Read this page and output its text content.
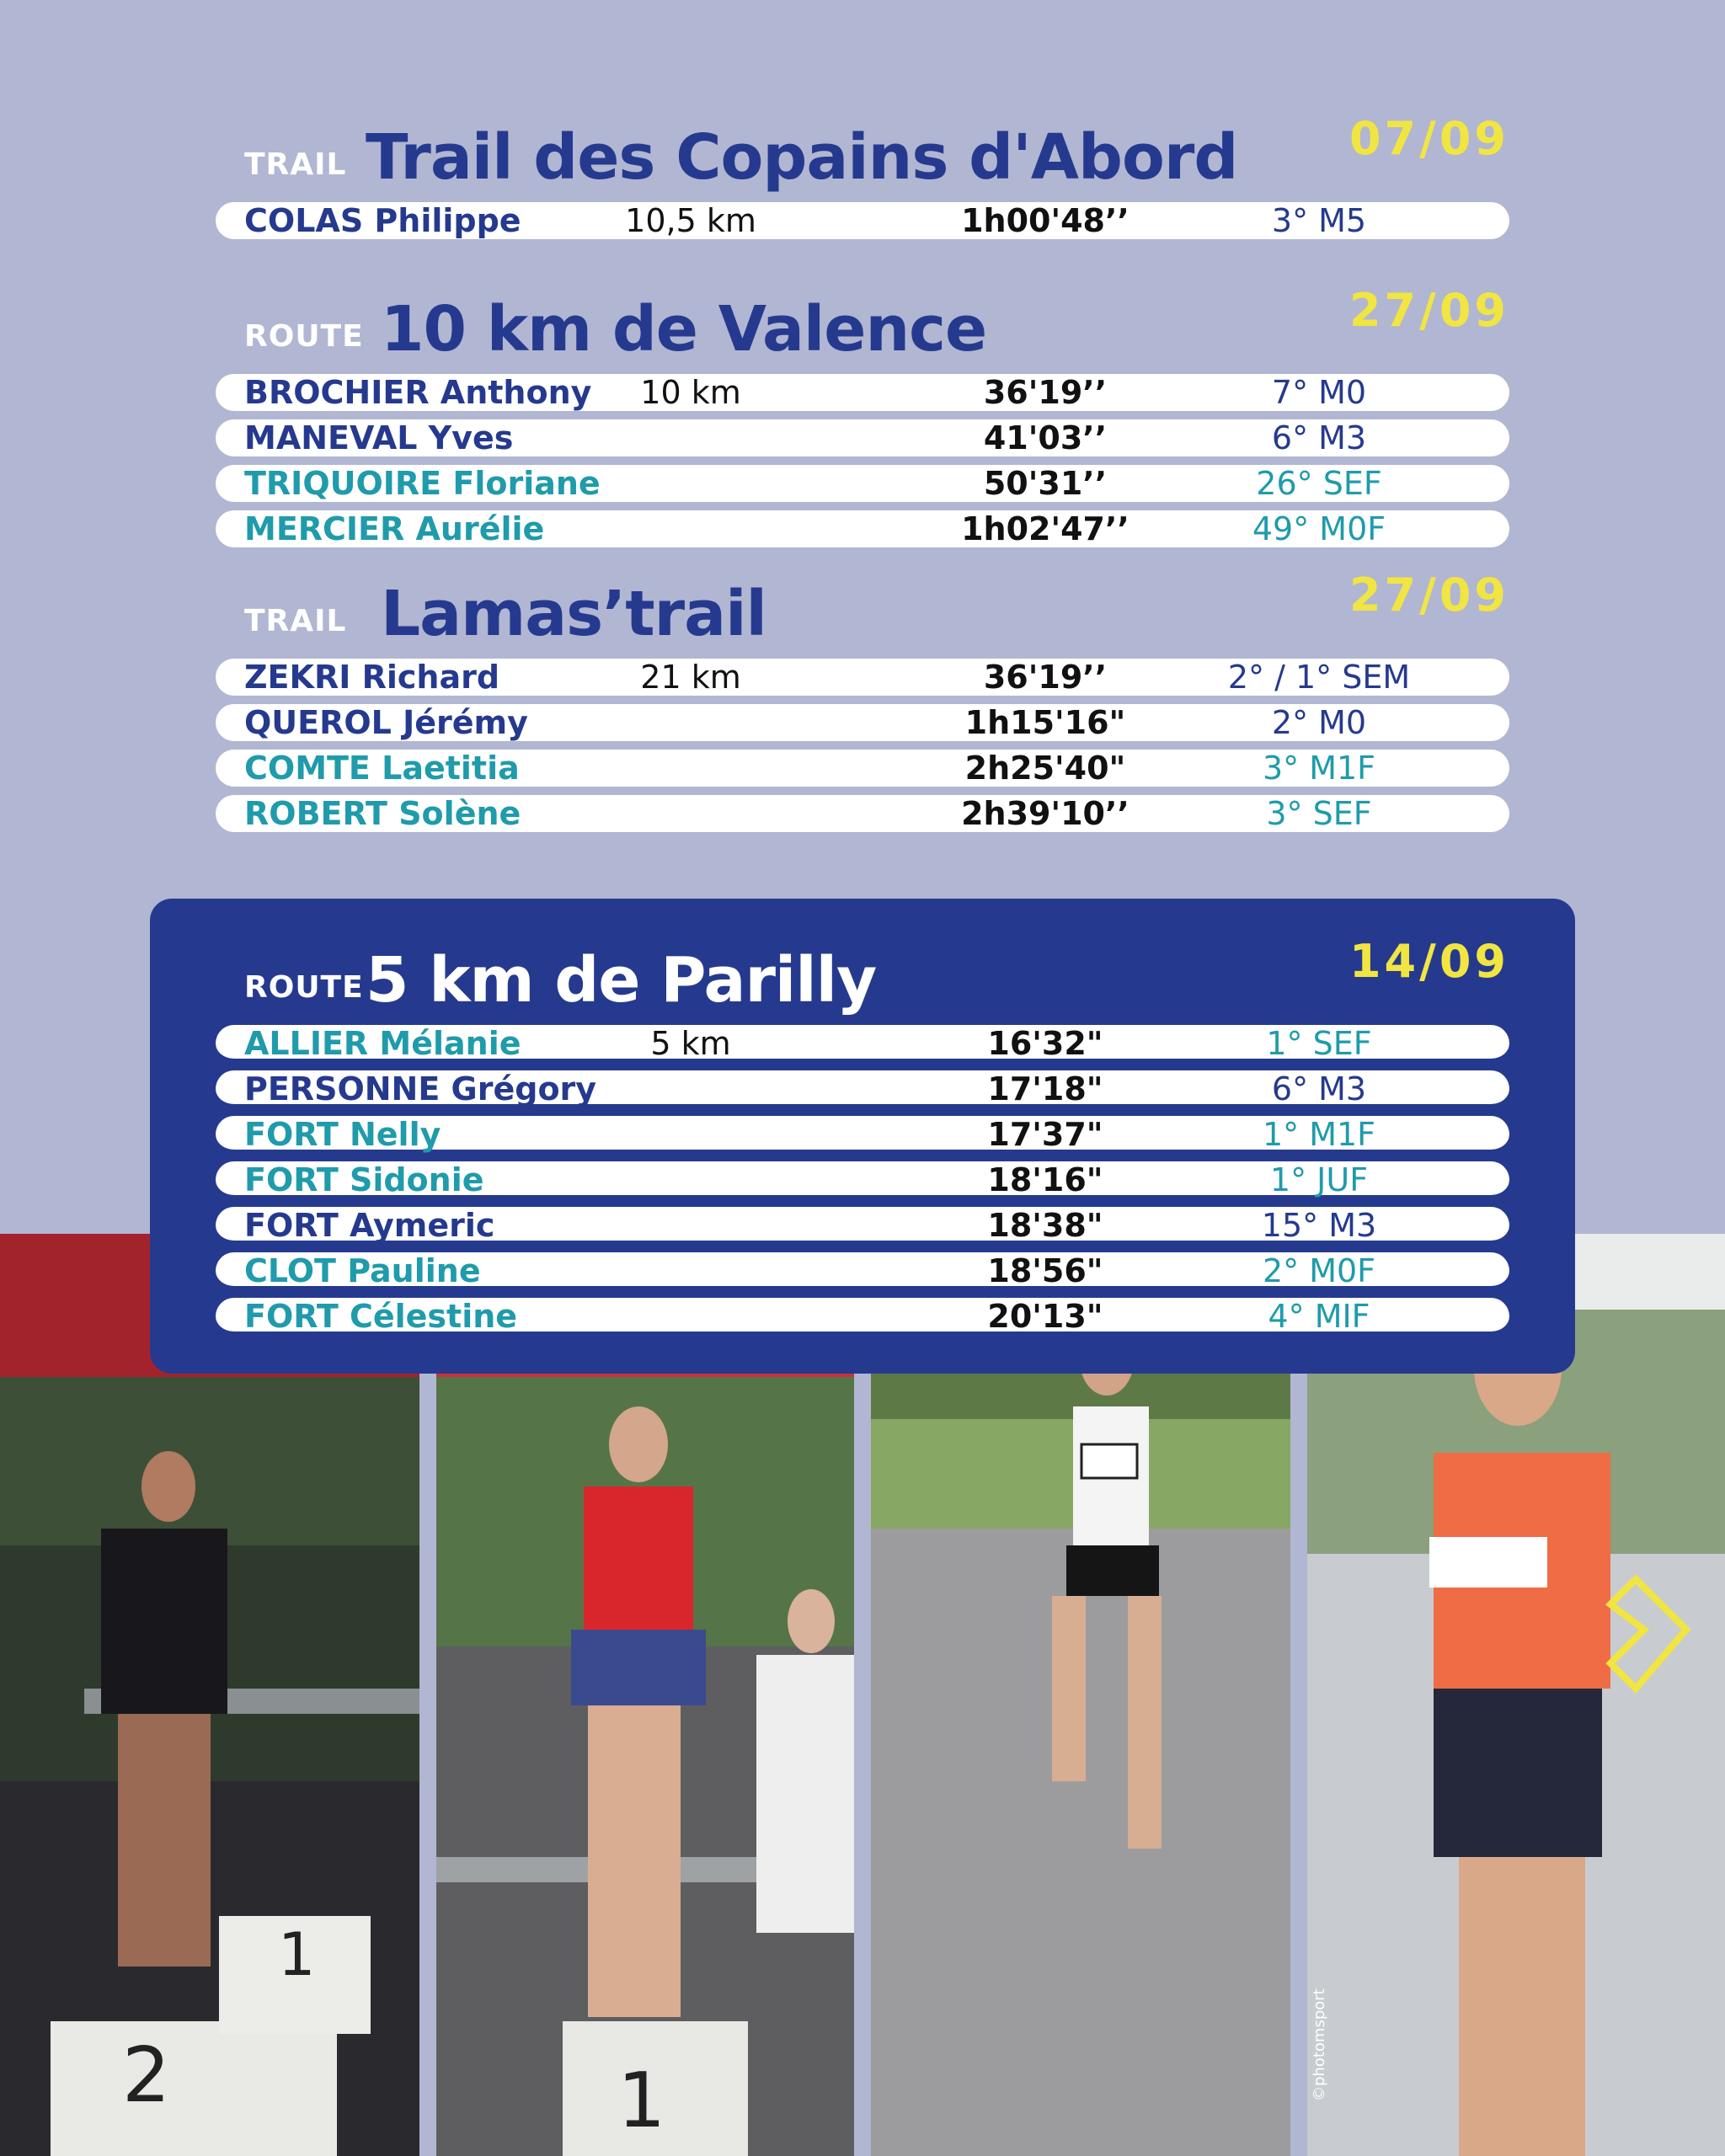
TRAIL Trail des Copains d'Abord 07/09
COLAS Philippe	10,5 km	1h00'48’’	3° M5
ROUTE 10 km de Valence	27/09
BROCHIER Anthony	10 km	36'19’’	7° M0
MANEVAL Yves	41'03’’	6° M3
TRIQUOIRE Floriane	50'31’’	26° SEF
MERCIER Aurélie	1h02'47’’	49° M0F
TRAIL Lamas’trail	27/09
ZEKRI Richard	21 km	36'19’’	2° / 1° SEM
QUEROL Jérémy	1h15'16"	2° M0
COMTE Laetitia	2h25'40"	3° M1F
ROBERT Solène	2h39'10’’	3° SEF
2
1
1	©photomsport
ROUTE 5 km de Parilly	14/09
ALLIER Mélanie	5 km	16'32"	1° SEF
PERSONNE Grégory	17'18"	6° M3
FORT Nelly	17'37"	1° M1F
FORT Sidonie	18'16"	1° JUF
FORT Aymeric	18'38"	15° M3
CLOT Pauline	18'56"	2° M0F
FORT Célestine	20'13"	4° MIF
